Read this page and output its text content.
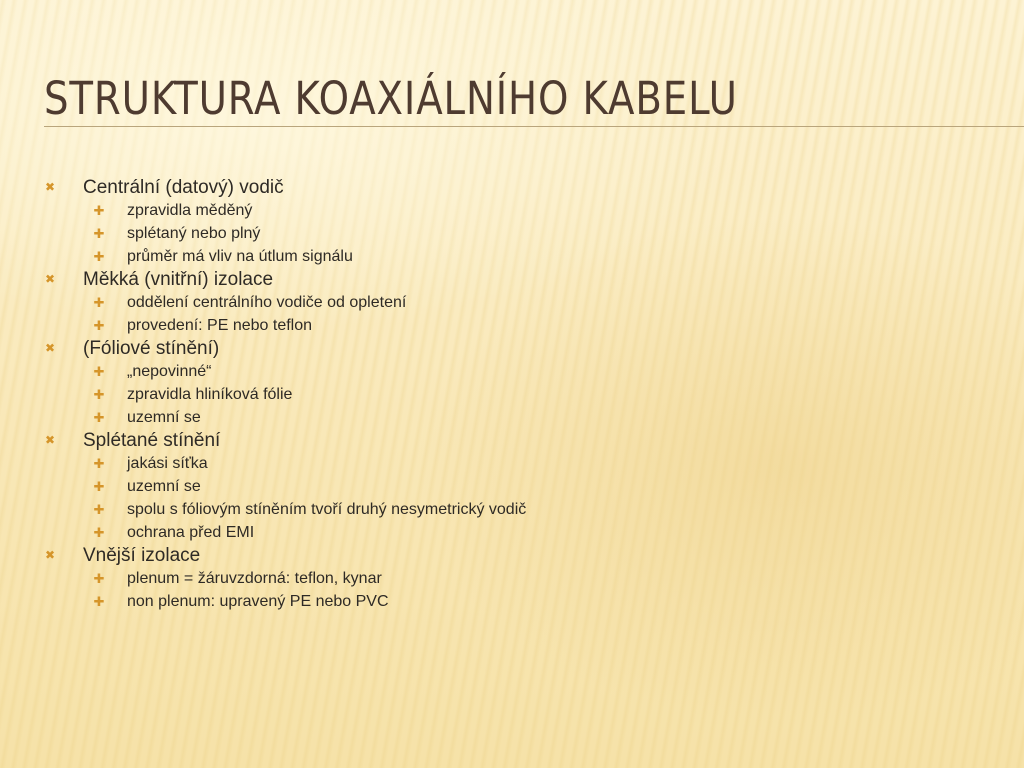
STRUKTURA KOAXIÁLNÍHO KABELU
✖ Centrální (datový) vodič
✚ zpravidla měděný
✚ splétaný nebo plný
✚ průměr má vliv na útlum signálu
✖ Měkká (vnitřní) izolace
✚ oddělení centrálního vodiče od opletení
✚ provedení: PE nebo teflon
✖ (Fóliové stínění)
✚ „nepovinné“
✚ zpravidla hliníková fólie
✚ uzemní se
✖ Splétané stínění
✚ jakási síťka
✚ uzemní se
✚ spolu s fóliovým stíněním tvoří druhý nesymetrický vodič
✚ ochrana před EMI
✖ Vnější izolace
✚ plenum = žáruvzdorná: teflon, kynar
✚ non plenum: upravený PE nebo PVC
